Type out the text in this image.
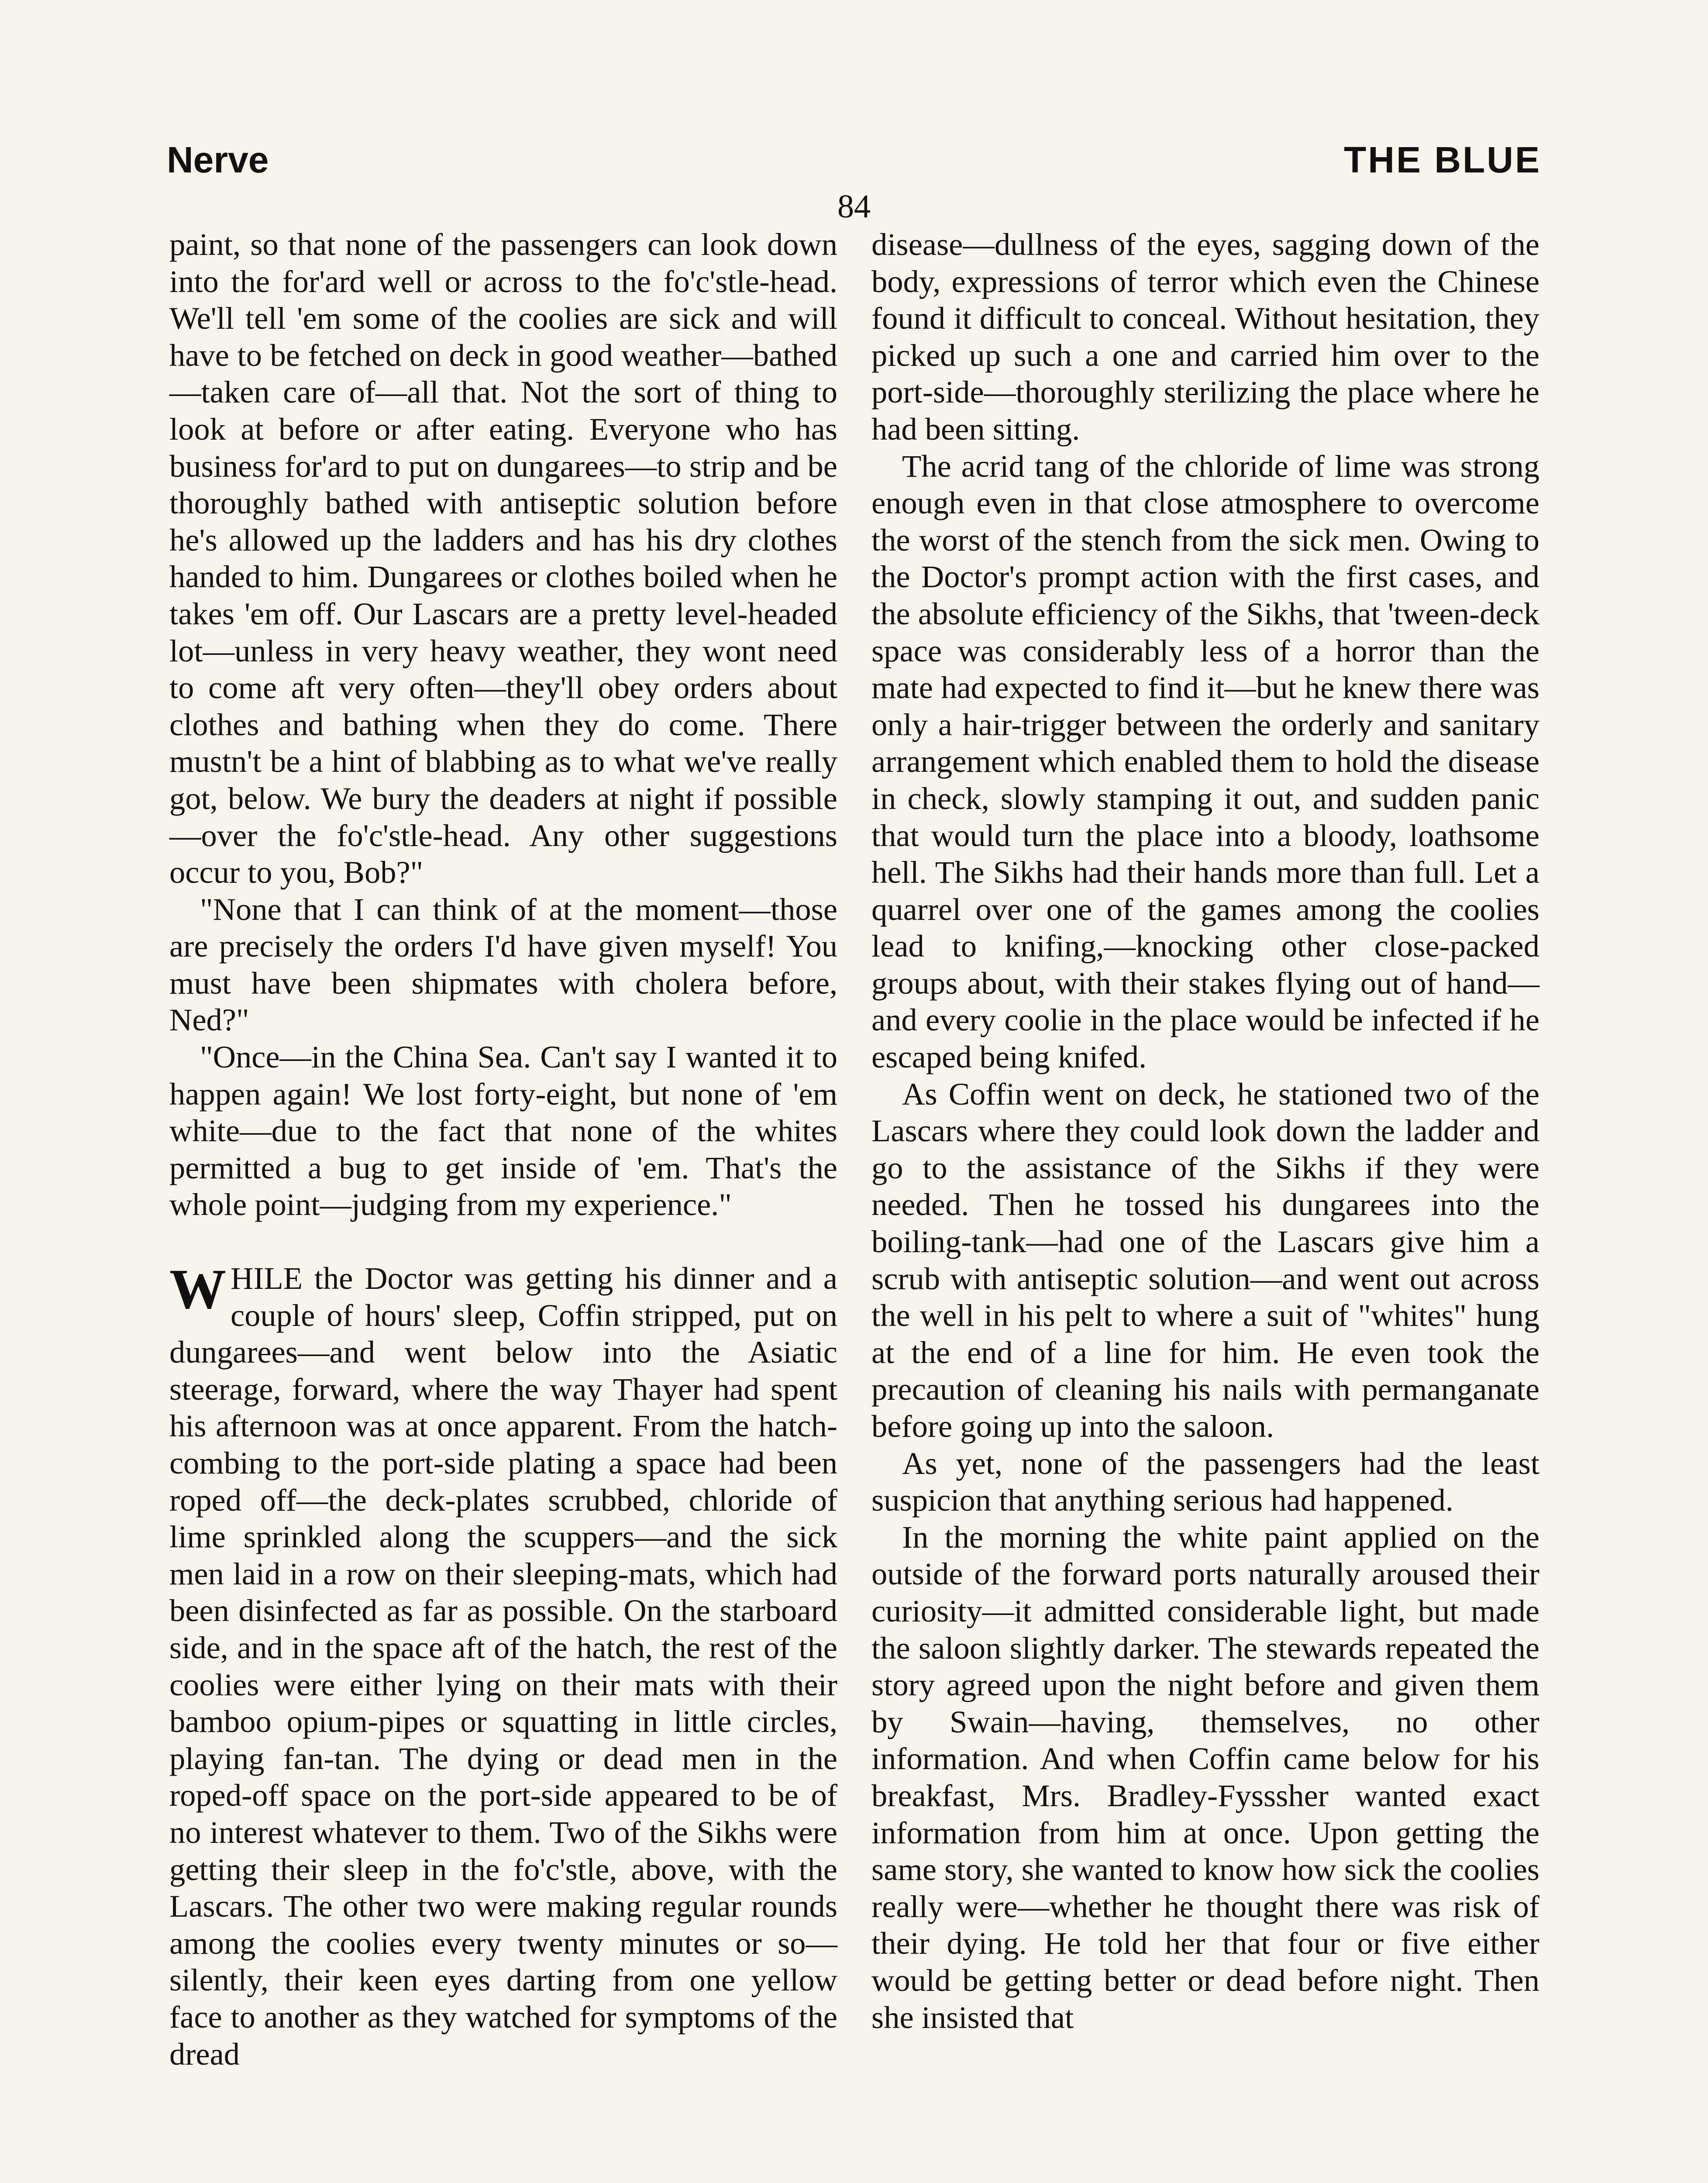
Nerve	THE BLUE
84

paint, so that none of the passengers can look down into the for'ard well or across to the fo'c'stle-head. We'll tell 'em some of the coolies are sick and will have to be fetched on deck in good weather—bathed —taken care of—all that. Not the sort of thing to look at before or after eating. Everyone who has business for'ard to put on dungarees—to strip and be thoroughly bathed with antiseptic solution before he's allowed up the ladders and has his dry clothes handed to him. Dungarees or clothes boiled when he takes 'em off. Our Lascars are a pretty level-headed lot—unless in very heavy weather, they wont need to come aft very often—they'll obey orders about clothes and bathing when they do come. There mustn't be a hint of blabbing as to what we've really got, below. We bury the deaders at night if possible —over the fo'c'stle-head. Any other suggestions occur to you, Bob?"

"None that I can think of at the moment—those are precisely the orders I'd have given myself! You must have been shipmates with cholera before, Ned?"

"Once—in the China Sea. Can't say I wanted it to happen again! We lost forty-eight, but none of 'em white—due to the fact that none of the whites permitted a bug to get inside of 'em. That's the whole point—judging from my experience."

WHILE the Doctor was getting his dinner and a couple of hours' sleep, Coffin stripped, put on dungarees—and went below into the Asiatic steerage, forward, where the way Thayer had spent his afternoon was at once apparent. From the hatch-combing to the port-side plating a space had been roped off—the deck-plates scrubbed, chloride of lime sprinkled along the scuppers—and the sick men laid in a row on their sleeping-mats, which had been disinfected as far as possible. On the starboard side, and in the space aft of the hatch, the rest of the coolies were either lying on their mats with their bamboo opium-pipes or squatting in little circles, playing fan-tan. The dying or dead men in the roped-off space on the port-side appeared to be of no interest whatever to them. Two of the Sikhs were getting their sleep in the fo'c'stle, above, with the Lascars. The other two were making regular rounds among the coolies every twenty minutes or so—silently, their keen eyes darting from one yellow face to another as they watched for symptoms of the dread

disease—dullness of the eyes, sagging down of the body, expressions of terror which even the Chinese found it difficult to conceal. Without hesitation, they picked up such a one and carried him over to the port-side—thoroughly sterilizing the place where he had been sitting.

The acrid tang of the chloride of lime was strong enough even in that close atmosphere to overcome the worst of the stench from the sick men. Owing to the Doctor's prompt action with the first cases, and the absolute efficiency of the Sikhs, that 'tween-deck space was considerably less of a horror than the mate had expected to find it—but he knew there was only a hair-trigger between the orderly and sanitary arrangement which enabled them to hold the disease in check, slowly stamping it out, and sudden panic that would turn the place into a bloody, loathsome hell. The Sikhs had their hands more than full. Let a quarrel over one of the games among the coolies lead to knifing,—knocking other close-packed groups about, with their stakes flying out of hand—and every coolie in the place would be infected if he escaped being knifed.

As Coffin went on deck, he stationed two of the Lascars where they could look down the ladder and go to the assistance of the Sikhs if they were needed. Then he tossed his dungarees into the boiling-tank—had one of the Lascars give him a scrub with antiseptic solution—and went out across the well in his pelt to where a suit of "whites" hung at the end of a line for him. He even took the precaution of cleaning his nails with permanganate before going up into the saloon.

As yet, none of the passengers had the least suspicion that anything serious had happened.

In the morning the white paint applied on the outside of the forward ports naturally aroused their curiosity—it admitted considerable light, but made the saloon slightly darker. The stewards repeated the story agreed upon the night before and given them by Swain—having, themselves, no other information. And when Coffin came below for his breakfast, Mrs. Bradley-Fysssher wanted exact information from him at once. Upon getting the same story, she wanted to know how sick the coolies really were—whether he thought there was risk of their dying. He told her that four or five either would be getting better or dead before night. Then she insisted that
